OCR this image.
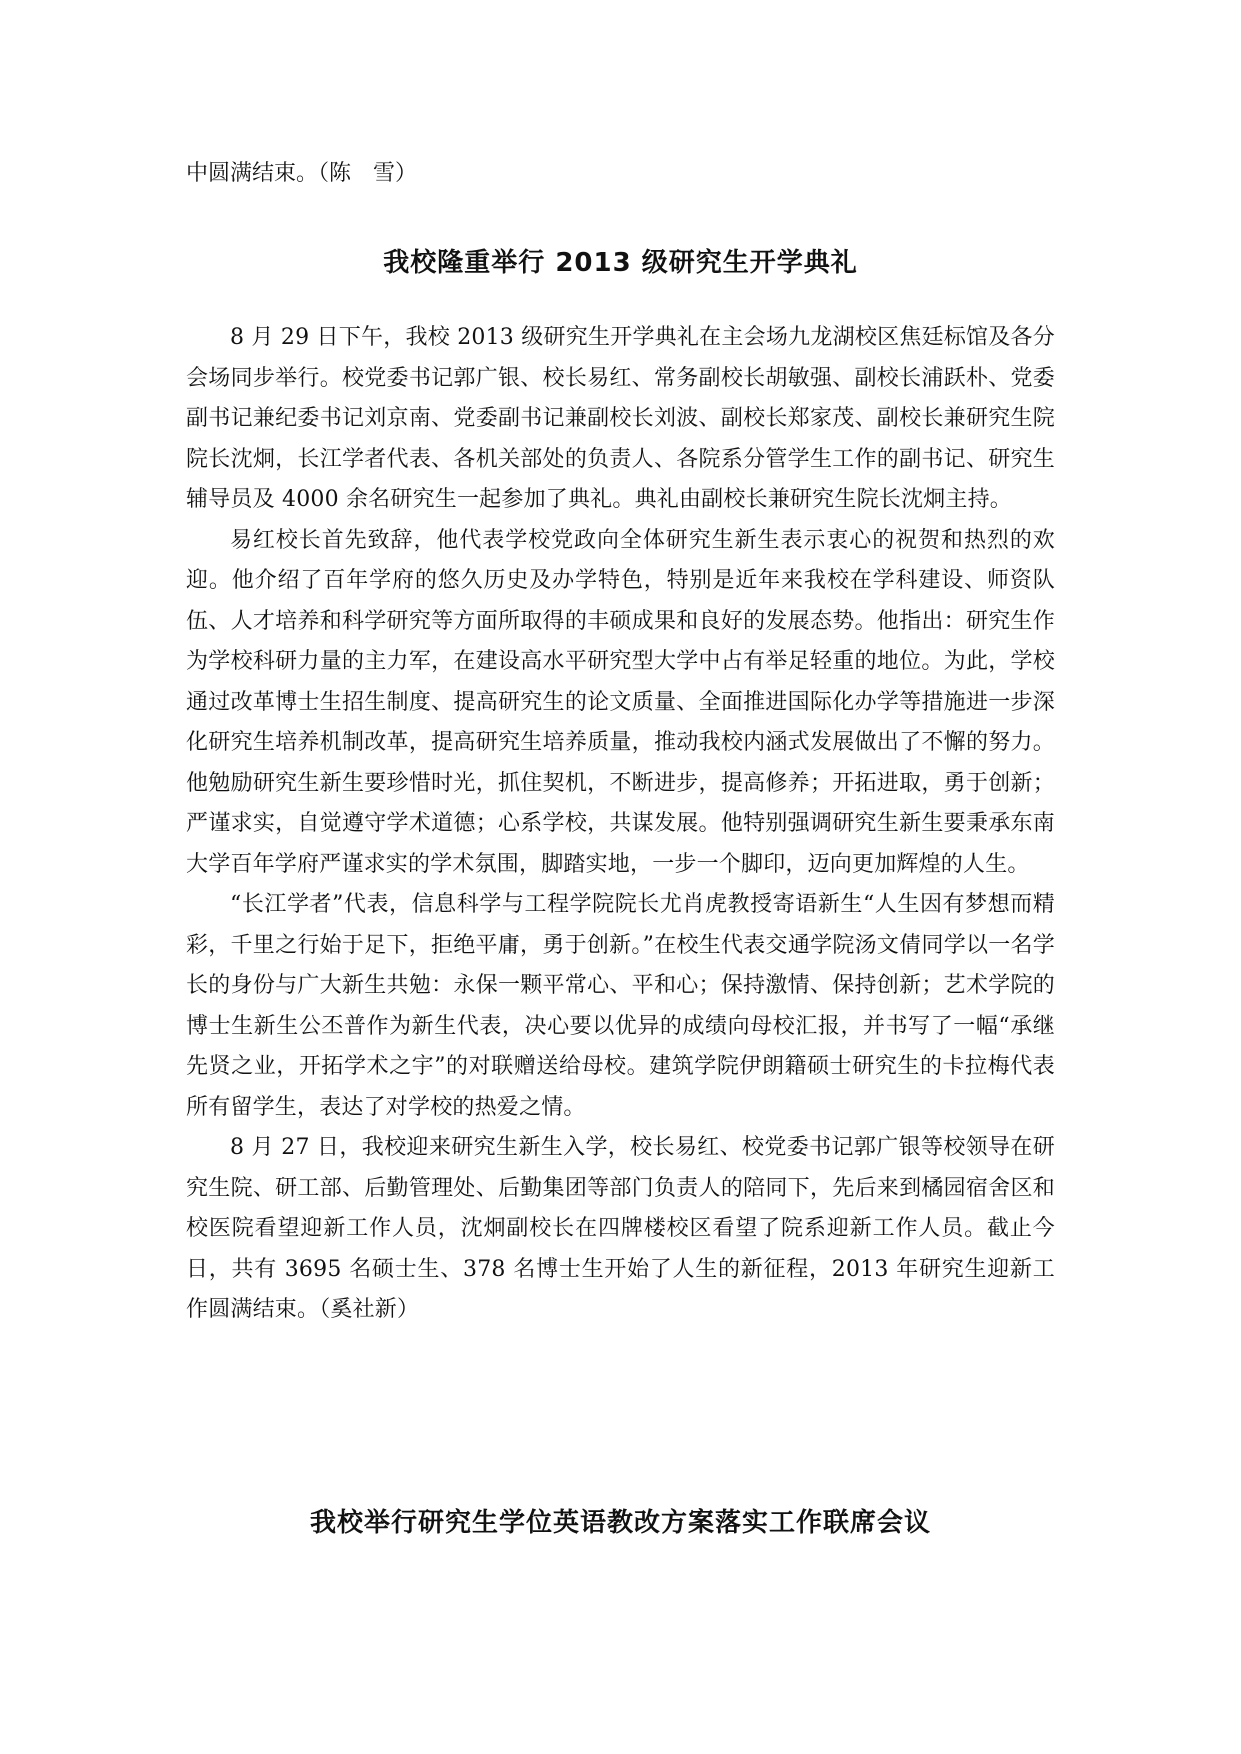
中圆满结束。（陈　雪）
我校隆重举行 2013 级研究生开学典礼

8 月 29 日下午，我校 2013 级研究生开学典礼在主会场九龙湖校区焦廷标馆及各分会场同步举行。校党委书记郭广银、校长易红、常务副校长胡敏强、副校长浦跃朴、党委副书记兼纪委书记刘京南、党委副书记兼副校长刘波、副校长郑家茂、副校长兼研究生院院长沈炯，长江学者代表、各机关部处的负责人、各院系分管学生工作的副书记、研究生辅导员及 4000 余名研究生一起参加了典礼。典礼由副校长兼研究生院长沈炯主持。

易红校长首先致辞，他代表学校党政向全体研究生新生表示衷心的祝贺和热烈的欢迎。他介绍了百年学府的悠久历史及办学特色，特别是近年来我校在学科建设、师资队伍、人才培养和科学研究等方面所取得的丰硕成果和良好的发展态势。他指出：研究生作为学校科研力量的主力军，在建设高水平研究型大学中占有举足轻重的地位。为此，学校通过改革博士生招生制度、提高研究生的论文质量、全面推进国际化办学等措施进一步深化研究生培养机制改革，提高研究生培养质量，推动我校内涵式发展做出了不懈的努力。他勉励研究生新生要珍惜时光，抓住契机，不断进步，提高修养；开拓进取，勇于创新；严谨求实，自觉遵守学术道德；心系学校，共谋发展。他特别强调研究生新生要秉承东南大学百年学府严谨求实的学术氛围，脚踏实地，一步一个脚印，迈向更加辉煌的人生。

“长江学者”代表，信息科学与工程学院院长尤肖虎教授寄语新生“人生因有梦想而精彩，千里之行始于足下，拒绝平庸，勇于创新。”在校生代表交通学院汤文倩同学以一名学长的身份与广大新生共勉：永保一颗平常心、平和心；保持激情、保持创新；艺术学院的博士生新生公丕普作为新生代表，决心要以优异的成绩向母校汇报，并书写了一幅“承继先贤之业，开拓学术之宇”的对联赠送给母校。建筑学院伊朗籍硕士研究生的卡拉梅代表所有留学生，表达了对学校的热爱之情。

8 月 27 日，我校迎来研究生新生入学，校长易红、校党委书记郭广银等校领导在研究生院、研工部、后勤管理处、后勤集团等部门负责人的陪同下，先后来到橘园宿舍区和校医院看望迎新工作人员，沈炯副校长在四牌楼校区看望了院系迎新工作人员。截止今日，共有 3695 名硕士生、378 名博士生开始了人生的新征程，2013 年研究生迎新工作圆满结束。（奚社新）

我校举行研究生学位英语教改方案落实工作联席会议
